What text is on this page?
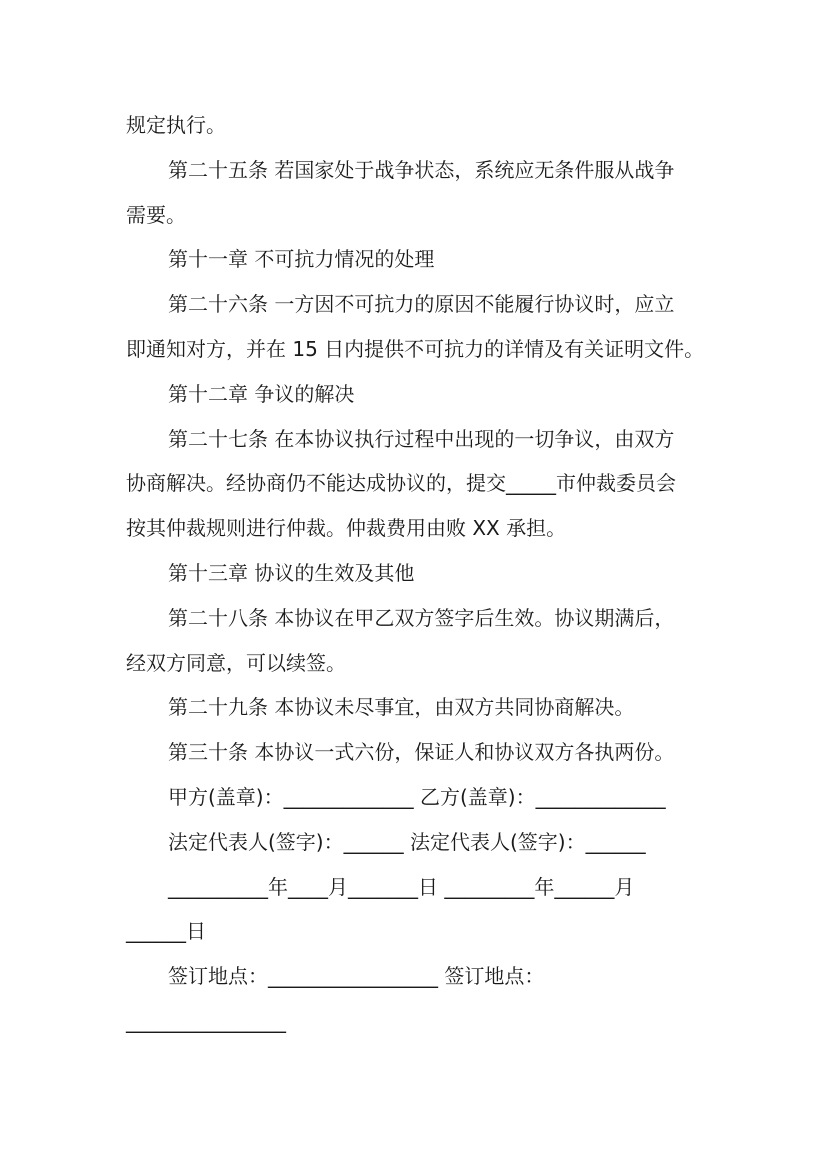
规定执行。
第二十五条 若国家处于战争状态，系统应无条件服从战争
需要。
第十一章 不可抗力情况的处理
第二十六条 一方因不可抗力的原因不能履行协议时，应立
即通知对方，并在 15 日内提供不可抗力的详情及有关证明文件。
第十二章 争议的解决
第二十七条 在本协议执行过程中出现的一切争议，由双方
协商解决。经协商仍不能达成协议的，提交_____市仲裁委员会
按其仲裁规则进行仲裁。仲裁费用由败 XX 承担。
第十三章 协议的生效及其他
第二十八条 本协议在甲乙双方签字后生效。协议期满后，
经双方同意，可以续签。
第二十九条 本协议未尽事宜，由双方共同协商解决。
第三十条 本协议一式六份，保证人和协议双方各执两份。
甲方(盖章)：_____________ 乙方(盖章)：_____________
法定代表人(签字)：______ 法定代表人(签字)：______
__________年____月_______日 _________年______月
______日
签订地点：_________________ 签订地点：
________________
